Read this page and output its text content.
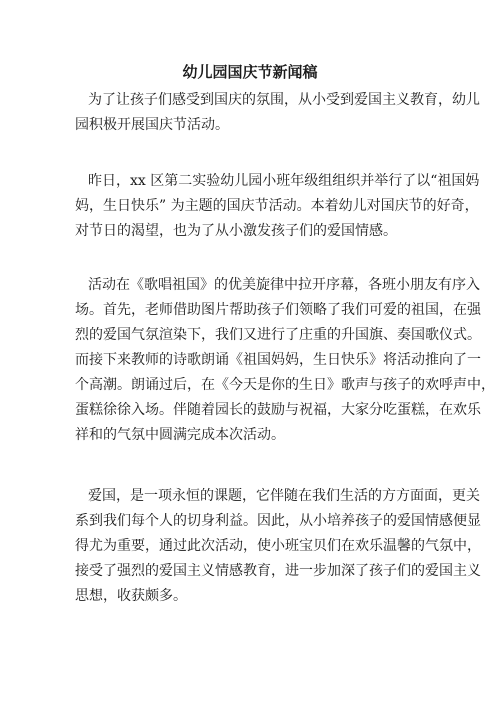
幼儿园国庆节新闻稿

为了让孩子们感受到国庆的氛围，从小受到爱国主义教育，幼儿
园积极开展国庆节活动。

昨日，xx 区第二实验幼儿园小班年级组组织并举行了以“祖国妈
妈，生日快乐” 为主题的国庆节活动。本着幼儿对国庆节的好奇，
对节日的渴望，也为了从小激发孩子们的爱国情感。

活动在《歌唱祖国》的优美旋律中拉开序幕，各班小朋友有序入
场。首先，老师借助图片帮助孩子们领略了我们可爱的祖国，在强
烈的爱国气氛渲染下，我们又进行了庄重的升国旗、奏国歌仪式。
而接下来教师的诗歌朗诵《祖国妈妈，生日快乐》将活动推向了一
个高潮。朗诵过后，在《今天是你的生日》歌声与孩子的欢呼声中，
蛋糕徐徐入场。伴随着园长的鼓励与祝福，大家分吃蛋糕，在欢乐
祥和的气氛中圆满完成本次活动。

爱国，是一项永恒的课题，它伴随在我们生活的方方面面，更关
系到我们每个人的切身利益。因此，从小培养孩子的爱国情感便显
得尤为重要，通过此次活动，使小班宝贝们在欢乐温馨的气氛中，
接受了强烈的爱国主义情感教育，进一步加深了孩子们的爱国主义
思想，收获颇多。
